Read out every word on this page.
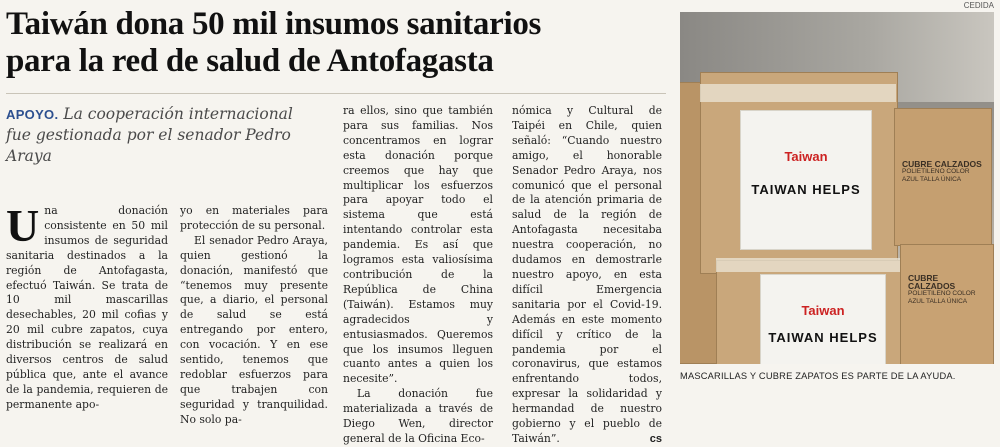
Taiwán dona 50 mil insumos sanitarios
para la red de salud de Antofagasta
APOYO. La cooperación internacional fue gestionada por el senador Pedro Araya

Una donación consistente en 50 mil insumos de seguridad sanitaria destinados a la región de Antofagasta, efectuó Taiwán. Se trata de 10 mil mascarillas desechables, 20 mil cofias y 20 mil cubre zapatos, cuya distribución se realizará en diversos centros de salud pública que, ante el avance de la pandemia, requieren de permanente apo-

yo en materiales para protección de su personal.

El senador Pedro Araya, quien gestionó la donación, manifestó que “tenemos muy presente que, a diario, el personal de salud se está entregando por entero, con vocación. Y en ese sentido, tenemos que redoblar esfuerzos para que trabajen con seguridad y tranquilidad. No solo pa-

ra ellos, sino que también para sus familias. Nos concentramos en lograr esta donación porque creemos que hay que multiplicar los esfuerzos para apoyar todo el sistema que está intentando controlar esta pandemia. Es así que logramos esta valiosísima contribución de la República de China (Taiwán). Estamos muy agradecidos y entusiasmados. Queremos que los insumos lleguen cuanto antes a quien los necesite”.

La donación fue materializada a través de Diego Wen, director general de la Oficina Eco-

nómica y Cultural de Taipéi en Chile, quien señaló: “Cuando nuestro amigo, el honorable Senador Pedro Araya, nos comunicó que el personal de la atención primaria de salud de la región de Antofagasta necesitaba nuestra cooperación, no dudamos en demostrarle nuestro apoyo, en esta difícil Emergencia sanitaria por el Covid-19. Además en este momento difícil y crítico de la pandemia por el coronavirus, que estamos enfrentando todos, expresar la solidaridad y hermandad de nuestro gobierno y el pueblo de Taiwán”.	cs

CEDIDA
Taiwan
TAIWAN HELPS
Taiwan
TAIWAN HELPS
CUBRE CALZADOS
POLIETILENO COLOR AZUL TALLA ÚNICA
CUBRE CALZADOS
POLIETILENO COLOR AZUL TALLA ÚNICA
MASCARILLAS Y CUBRE ZAPATOS ES PARTE DE LA AYUDA.
